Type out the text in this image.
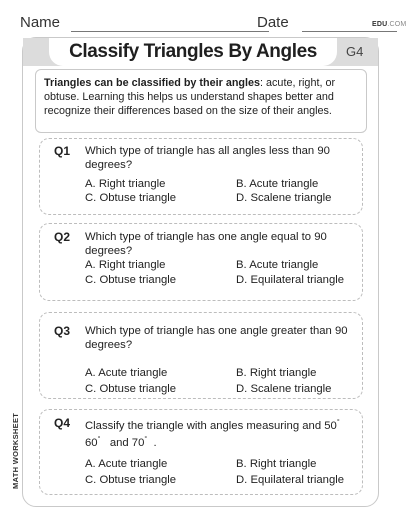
Name	Date	EDU.COM
Classify Triangles By Angles	G4
Triangles can be classified by their angles: acute, right, or obtuse. Learning this helps us understand shapes better and recognize their differences based on the size of their angles.
Q1 Which type of triangle has all angles less than 90 degrees?
A. Right triangle	B. Acute triangle
C. Obtuse triangle	D. Scalene triangle
Q2 Which type of triangle has one angle equal to 90 degrees?
A. Right triangle	B. Acute triangle
C. Obtuse triangle	D. Equilateral triangle
Q3 Which type of triangle has one angle greater than 90 degrees?
A. Acute triangle	B. Right triangle
C. Obtuse triangle	D. Scalene triangle
Q4 Classify the triangle with angles measuring and 50°
60° and 70° .
A. Acute triangle	B. Right triangle
C. Obtuse triangle	D. Equilateral triangle
MATH WORKSHEET
